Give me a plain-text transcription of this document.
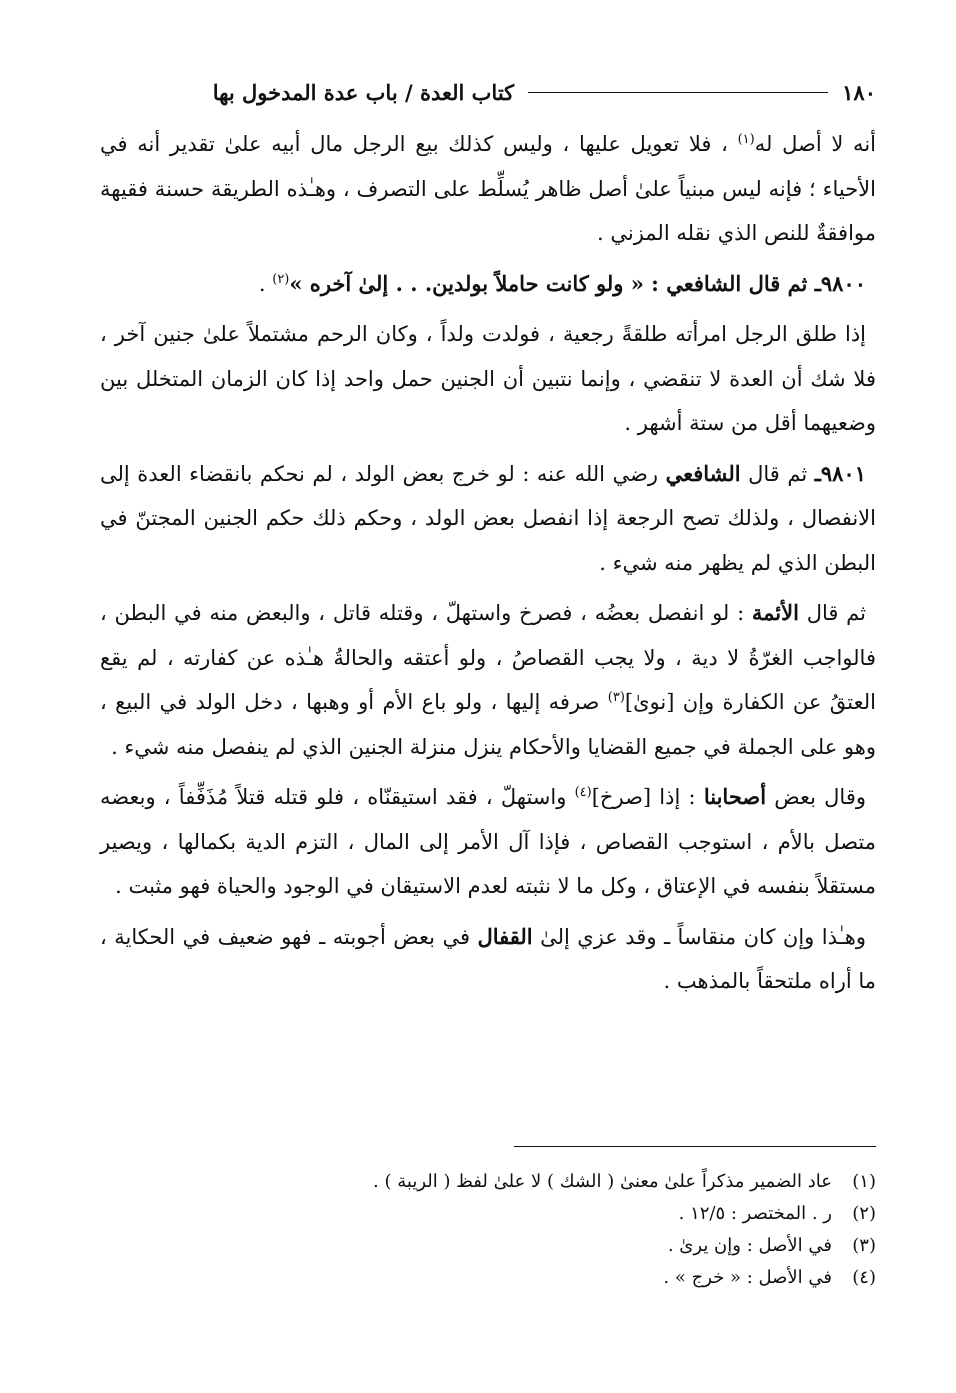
١٨٠
كتاب العدة / باب عدة المدخول بها

أنه لا أصل له$^{(١)}$ ، فلا تعويل عليها ، وليس كذلك بيع الرجل مال أبيه علىٰ تقدير أنه في الأحياء ؛ فإنه ليس مبنياً علىٰ أصل ظاهر يُسلِّط على التصرف ، وهـٰذه الطريقة حسنة فقيهة موافقةٌ للنص الذي نقله المزني .

٩٨٠٠ـ ثم قال الشافعي : « ولو كانت حاملاً بولدين. . . إلىٰ آخره »$^{(٢)}$ .

إذا طلق الرجل امرأته طلقةً رجعية ، فولدت ولداً ، وكان الرحم مشتملاً علىٰ جنين آخر ، فلا شك أن العدة لا تنقضي ، وإنما نتبين أن الجنين حمل واحد إذا كان الزمان المتخلل بين وضعيهما أقل من ستة أشهر .

٩٨٠١ـ ثم قال الشافعي رضي الله عنه : لو خرج بعض الولد ، لم نحكم بانقضاء العدة إلى الانفصال ، ولذلك تصح الرجعة إذا انفصل بعض الولد ، وحكم ذلك حكم الجنين المجتنّ في البطن الذي لم يظهر منه شيء .

ثم قال الأئمة : لو انفصل بعضُه ، فصرخ واستهلّ ، وقتله قاتل ، والبعض منه في البطن ، فالواجب الغرّةُ لا دية ، ولا يجب القصاصُ ، ولو أعتقه والحالةُ هـٰذه عن كفارته ، لم يقع العتقُ عن الكفارة وإن [نوىٰ]$^{(٣)}$ صرفه إليها ، ولو باع الأم أو وهبها ، دخل الولد في البيع ، وهو على الجملة في جميع القضايا والأحكام ينزل منزلة الجنين الذي لم ينفصل منه شيء .

وقال بعض أصحابنا : إذا [صرخ]$^{(٤)}$ واستهلّ ، فقد استيقنّاه ، فلو قتله قتلاً مُذَفِّفاً ، وبعضه متصل بالأم ، استوجب القصاص ، فإذا آل الأمر إلى المال ، التزم الدية بكمالها ، ويصير مستقلاً بنفسه في الإعتاق ، وكل ما لا نثبته لعدم الاستيقان في الوجود والحياة فهو مثبت .

وهـٰذا وإن كان منقاساً ـ وقد عزي إلىٰ القفال في بعض أجوبته ـ فهو ضعيف في الحكاية ، ما أراه ملتحقاً بالمذهب .

(١)
عاد الضمير مذكراً علىٰ معنىٰ ( الشك ) لا علىٰ لفظ ( الريبة ) .
(٢)
ر . المختصر : ١٢/٥ .
(٣)
في الأصل : وإن يرىٰ .
(٤)
في الأصل : « خرج » .
